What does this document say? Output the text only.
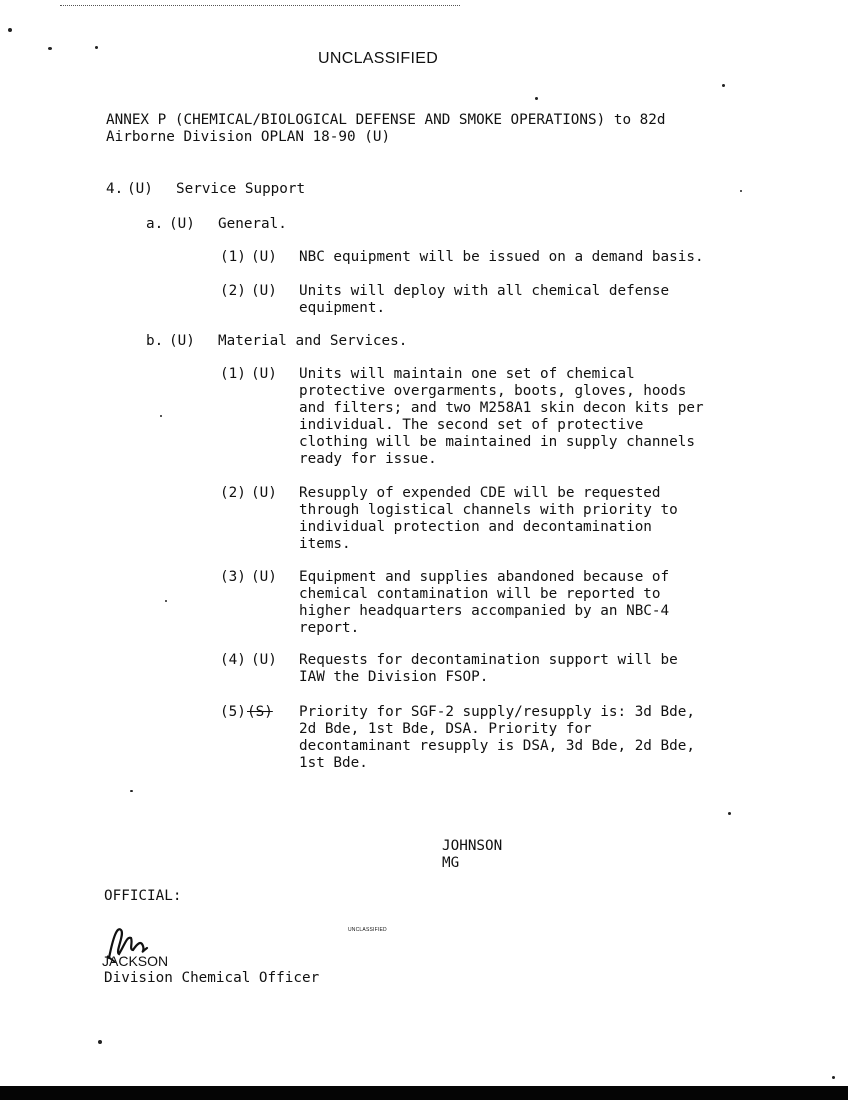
UNCLASSIFIED
ANNEX P (CHEMICAL/BIOLOGICAL DEFENSE AND SMOKE OPERATIONS) to 82d
Airborne Division OPLAN 18-90 (U)
4. (U) Service Support
a. (U) General.
(1) (U) NBC equipment will be issued on a demand basis.
(2) (U) Units will deploy with all chemical defense
equipment.
b. (U) Material and Services.
(1) (U) Units will maintain one set of chemical
protective overgarments, boots, gloves, hoods
and filters; and two M258A1 skin decon kits per
individual. The second set of protective
clothing will be maintained in supply channels
ready for issue.
(2) (U) Resupply of expended CDE will be requested
through logistical channels with priority to
individual protection and decontamination
items.
(3) (U) Equipment and supplies abandoned because of
chemical contamination will be reported to
higher headquarters accompanied by an NBC-4
report.
(4) (U) Requests for decontamination support will be
IAW the Division FSOP.
(5) (S) Priority for SGF-2 supply/resupply is: 3d Bde,
2d Bde, 1st Bde, DSA. Priority for
decontaminant resupply is DSA, 3d Bde, 2d Bde,
1st Bde.
JOHNSON
MG
OFFICIAL:
UNCLASSIFIED
JACKSON
Division Chemical Officer
